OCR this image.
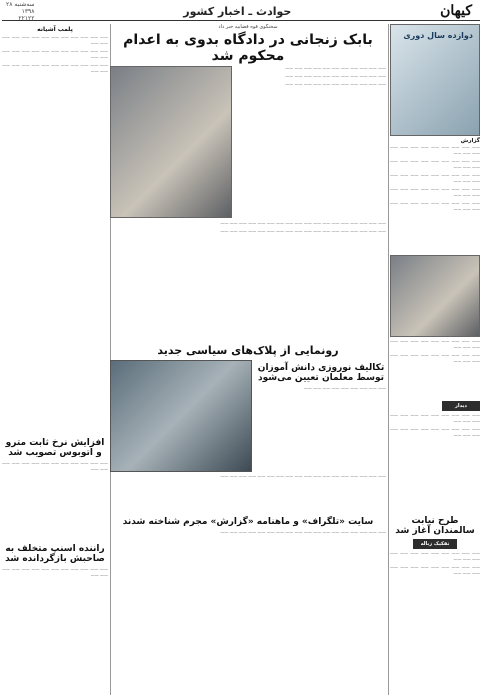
کیهان
حوادث ـ اخبار کشور
سه‌شنبه ۲۸
۱۳۹۸
۲۲۱۲۲
دوازده سال دوری
گزارش

—— —— —— —— —— —— —— —— —— —— —— ——

—— —— —— —— —— —— —— —— —— —— —— ——

—— —— —— —— —— —— —— —— —— —— —— ——

—— —— —— —— —— —— —— —— —— —— —— ——

—— —— —— —— —— —— —— —— —— —— —— ——

—— —— —— —— —— —— —— —— —— —— —— ——

—— —— —— —— —— —— —— —— —— —— —— ——

دیدار

—— —— —— —— —— —— —— —— —— —— —— ——

—— —— —— —— —— —— —— —— —— —— —— ——

طرح نیابت سالمندان آغاز شد
تفکیک زباله

—— —— —— —— —— —— —— —— —— —— —— ——

—— —— —— —— —— —— —— —— —— —— —— ——

سخنگوی قوه قضاییه خبر داد
بابک زنجانی در دادگاه بدوی به اعدام محکوم شد

—— —— —— —— —— —— —— —— —— —— ——

—— —— —— —— —— —— —— —— —— —— ——

—— —— —— —— —— —— —— —— —— —— ——

—— —— —— —— —— —— —— —— —— —— —— —— —— —— —— —— —— ——

—— —— —— —— —— —— —— —— —— —— —— —— —— —— —— —— —— ——

رونمایی از پلاک‌های سیاسی جدید
تکالیف نوروزی دانش آموزان توسط معلمان تعیین می‌شود

—— —— —— —— —— —— —— —— ——

—— —— —— —— —— —— —— —— —— —— —— —— —— —— —— —— —— ——

سایت «تلگراف» و ماهنامه «گزارش» مجرم شناخته شدند

—— —— —— —— —— —— —— —— —— —— —— —— —— —— —— —— —— ——

پلمب آشیانه

—— —— —— —— —— —— —— —— —— —— —— —— ——

—— —— —— —— —— —— —— —— —— —— —— —— ——

—— —— —— —— —— —— —— —— —— —— —— —— ——

افزایش نرخ ثابت مترو و اتوبوس تصویب شد

—— —— —— —— —— —— —— —— —— —— —— —— ——

راننده اسنپ متخلف به صاحبش بازگردانده شد

—— —— —— —— —— —— —— —— —— —— —— —— ——
